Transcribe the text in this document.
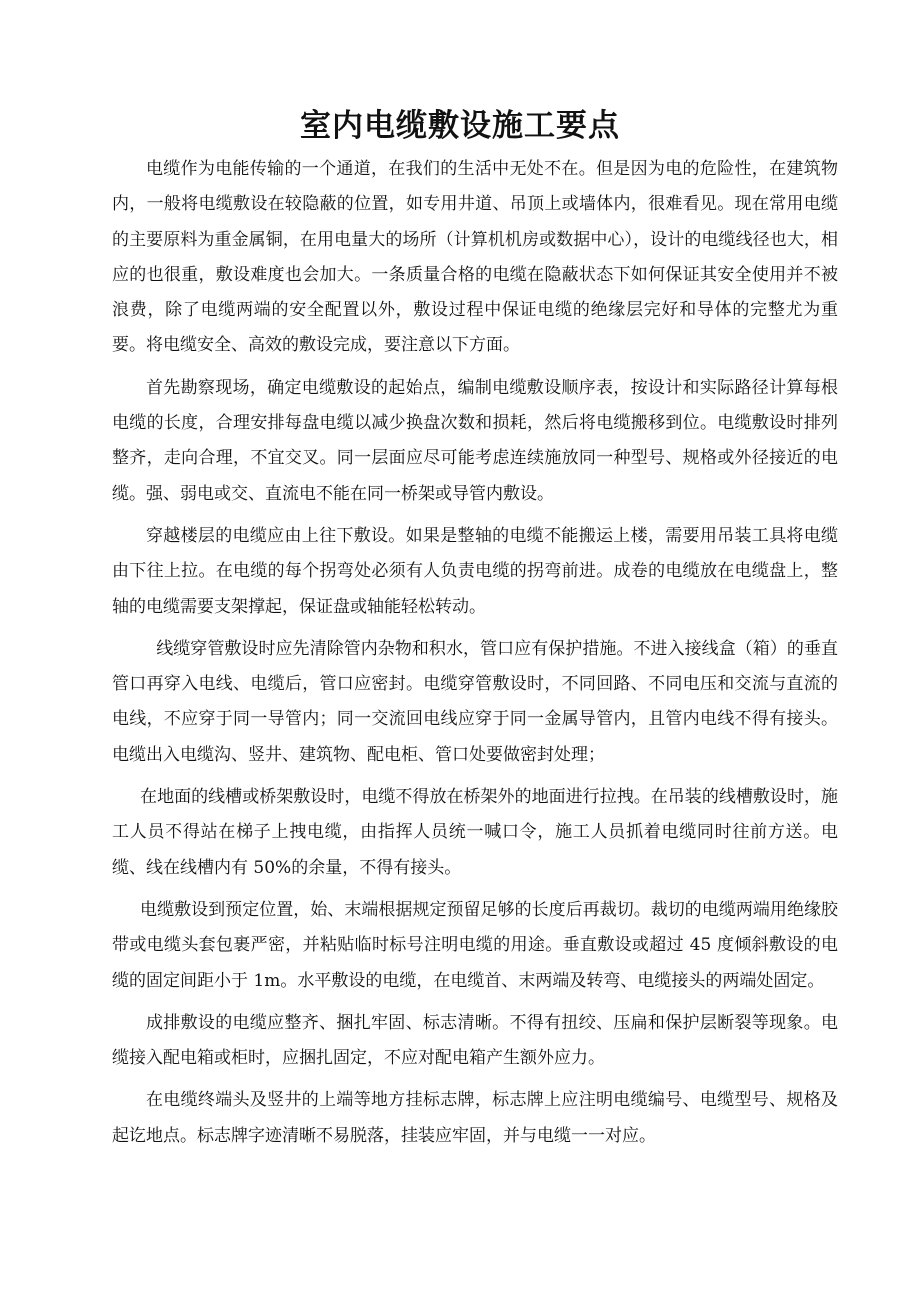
室内电缆敷设施工要点

电缆作为电能传输的一个通道，在我们的生活中无处不在。但是因为电的危险性，在建筑物内，一般将电缆敷设在较隐蔽的位置，如专用井道、吊顶上或墙体内，很难看见。现在常用电缆的主要原料为重金属铜，在用电量大的场所（计算机机房或数据中心），设计的电缆线径也大，相应的也很重，敷设难度也会加大。一条质量合格的电缆在隐蔽状态下如何保证其安全使用并不被浪费，除了电缆两端的安全配置以外，敷设过程中保证电缆的绝缘层完好和导体的完整尤为重要。将电缆安全、高效的敷设完成，要注意以下方面。

首先勘察现场，确定电缆敷设的起始点，编制电缆敷设顺序表，按设计和实际路径计算每根电缆的长度，合理安排每盘电缆以减少换盘次数和损耗，然后将电缆搬移到位。电缆敷设时排列整齐，走向合理，不宜交叉。同一层面应尽可能考虑连续施放同一种型号、规格或外径接近的电缆。强、弱电或交、直流电不能在同一桥架或导管内敷设。

穿越楼层的电缆应由上往下敷设。如果是整轴的电缆不能搬运上楼，需要用吊装工具将电缆由下往上拉。在电缆的每个拐弯处必须有人负责电缆的拐弯前进。成卷的电缆放在电缆盘上，整轴的电缆需要支架撑起，保证盘或轴能轻松转动。

线缆穿管敷设时应先清除管内杂物和积水，管口应有保护措施。不进入接线盒（箱）的垂直管口再穿入电线、电缆后，管口应密封。电缆穿管敷设时，不同回路、不同电压和交流与直流的电线，不应穿于同一导管内；同一交流回电线应穿于同一金属导管内，且管内电线不得有接头。电缆出入电缆沟、竖井、建筑物、配电柜、管口处要做密封处理；

在地面的线槽或桥架敷设时，电缆不得放在桥架外的地面进行拉拽。在吊装的线槽敷设时，施工人员不得站在梯子上拽电缆，由指挥人员统一喊口令，施工人员抓着电缆同时往前方送。电缆、线在线槽内有 50%的余量，不得有接头。

电缆敷设到预定位置，始、末端根据规定预留足够的长度后再裁切。裁切的电缆两端用绝缘胶带或电缆头套包裹严密，并粘贴临时标号注明电缆的用途。垂直敷设或超过 45 度倾斜敷设的电缆的固定间距小于 1m。水平敷设的电缆，在电缆首、末两端及转弯、电缆接头的两端处固定。

成排敷设的电缆应整齐、捆扎牢固、标志清晰。不得有扭绞、压扁和保护层断裂等现象。电缆接入配电箱或柜时，应捆扎固定，不应对配电箱产生额外应力。

在电缆终端头及竖井的上端等地方挂标志牌，标志牌上应注明电缆编号、电缆型号、规格及起讫地点。标志牌字迹清晰不易脱落，挂装应牢固，并与电缆一一对应。
